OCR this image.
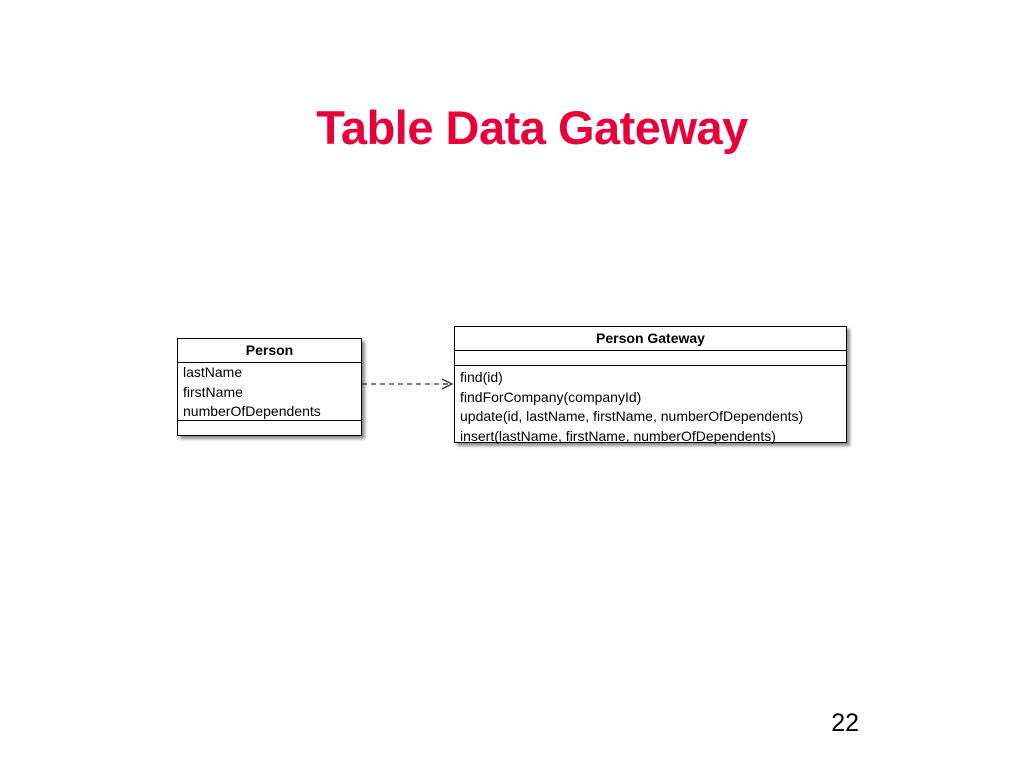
Table Data Gateway
Person
lastName
firstName
numberOfDependents
Person Gateway
find(id)
findForCompany(companyId)
update(id, lastName, firstName, numberOfDependents)
insert(lastName, firstName, numberOfDependents)
22
